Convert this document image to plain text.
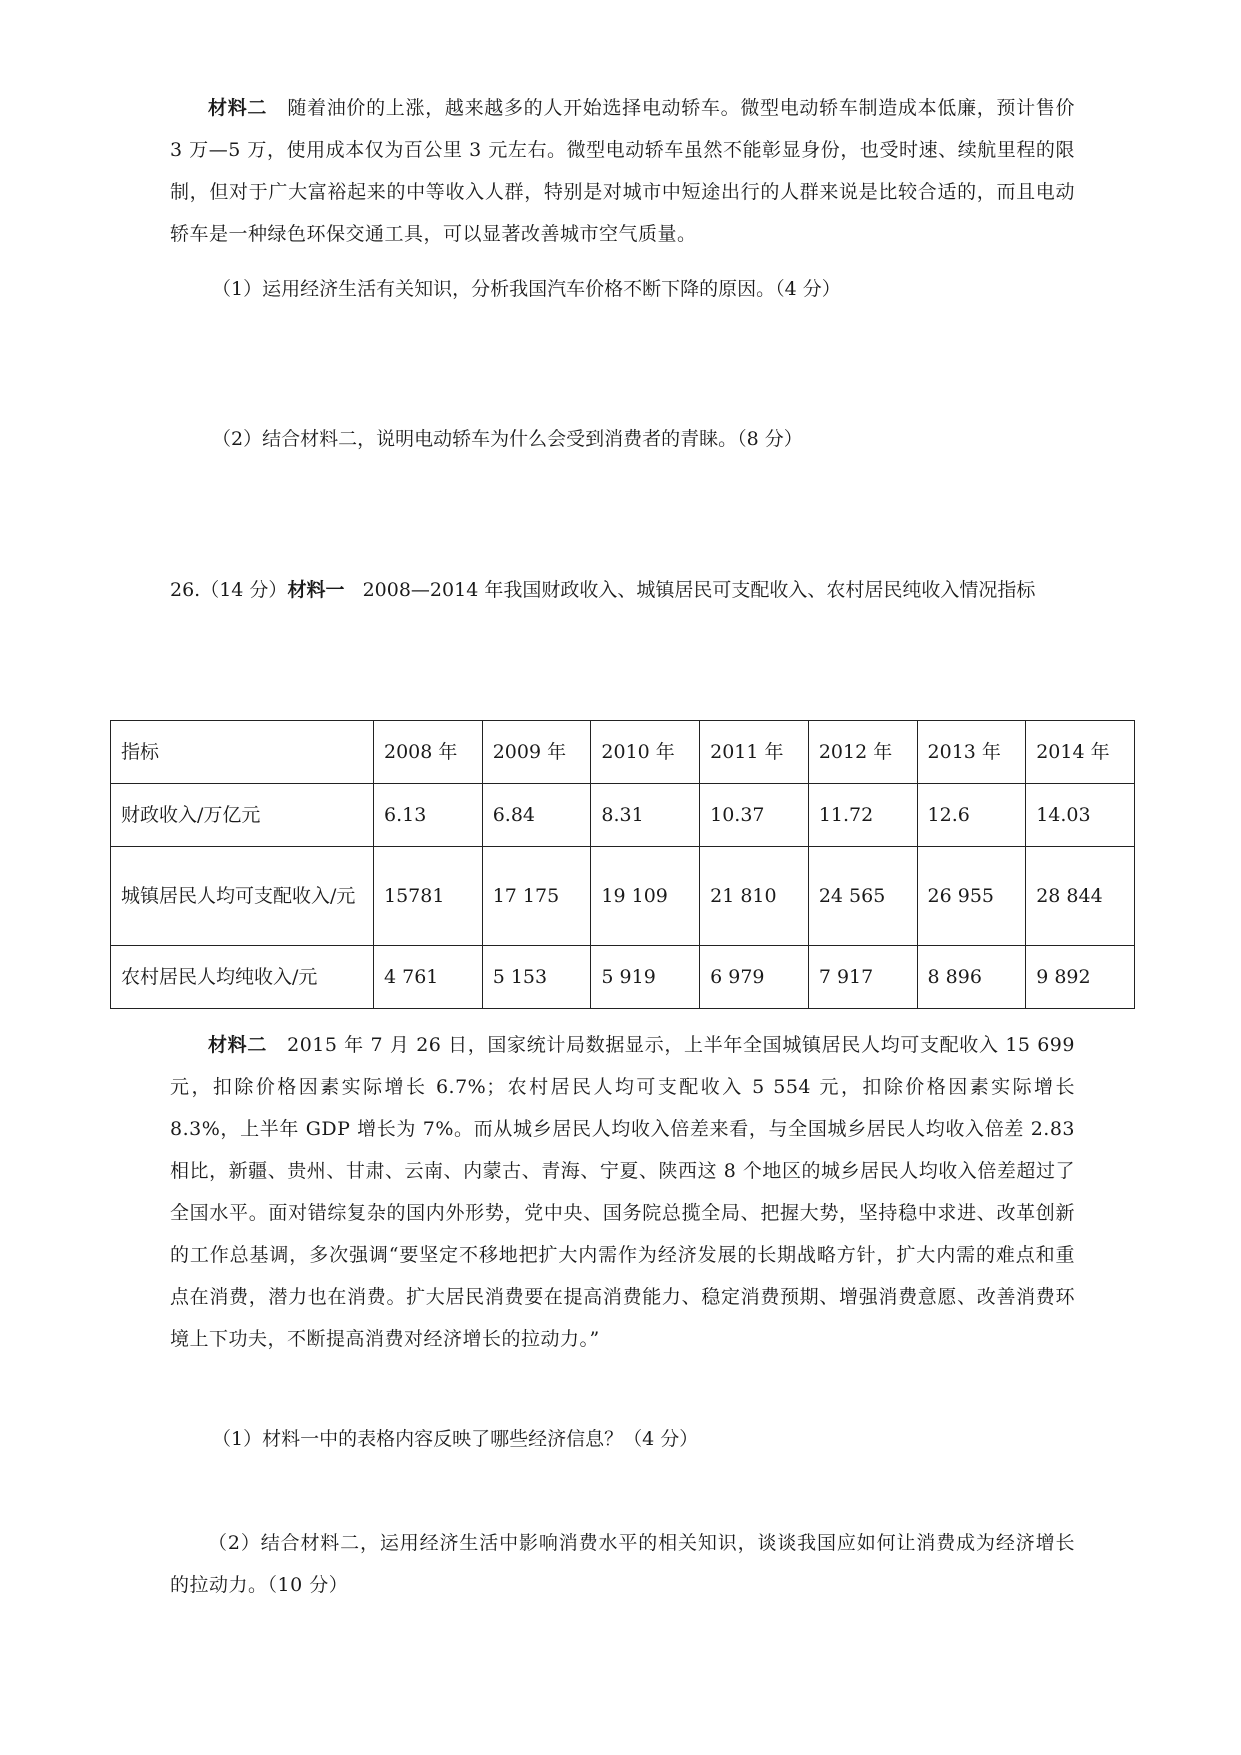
材料二 随着油价的上涨，越来越多的人开始选择电动轿车。微型电动轿车制造成本低廉，预计售价 3 万—5 万，使用成本仅为百公里 3 元左右。微型电动轿车虽然不能彰显身份，也受时速、续航里程的限制，但对于广大富裕起来的中等收入人群，特别是对城市中短途出行的人群来说是比较合适的，而且电动轿车是一种绿色环保交通工具，可以显著改善城市空气质量。

（1）运用经济生活有关知识，分析我国汽车价格不断下降的原因。（4 分）

（2）结合材料二，说明电动轿车为什么会受到消费者的青睐。（8 分）

26.（14 分）材料一 2008—2014 年我国财政收入、城镇居民可支配收入、农村居民纯收入情况指标

指标	2008 年	2009 年	2010 年	2011 年	2012 年	2013 年	2014 年
财政收入/万亿元	6.13	6.84	8.31	10.37	11.72	12.6	14.03
城镇居民人均可支配收入/元	15781	17 175	19 109	21 810	24 565	26 955	28 844
农村居民人均纯收入/元	4 761	5 153	5 919	6 979	7 917	8 896	9 892

材料二 2015 年 7 月 26 日，国家统计局数据显示，上半年全国城镇居民人均可支配收入 15 699 元，扣除价格因素实际增长 6.7%；农村居民人均可支配收入 5 554 元，扣除价格因素实际增长 8.3%，上半年 GDP 增长为 7%。而从城乡居民人均收入倍差来看，与全国城乡居民人均收入倍差 2.83 相比，新疆、贵州、甘肃、云南、内蒙古、青海、宁夏、陕西这 8 个地区的城乡居民人均收入倍差超过了全国水平。面对错综复杂的国内外形势，党中央、国务院总揽全局、把握大势，坚持稳中求进、改革创新的工作总基调，多次强调“要坚定不移地把扩大内需作为经济发展的长期战略方针，扩大内需的难点和重点在消费，潜力也在消费。扩大居民消费要在提高消费能力、稳定消费预期、增强消费意愿、改善消费环境上下功夫，不断提高消费对经济增长的拉动力。”

（1）材料一中的表格内容反映了哪些经济信息？（4 分）

（2）结合材料二，运用经济生活中影响消费水平的相关知识，谈谈我国应如何让消费成为经济增长的拉动力。（10 分）
